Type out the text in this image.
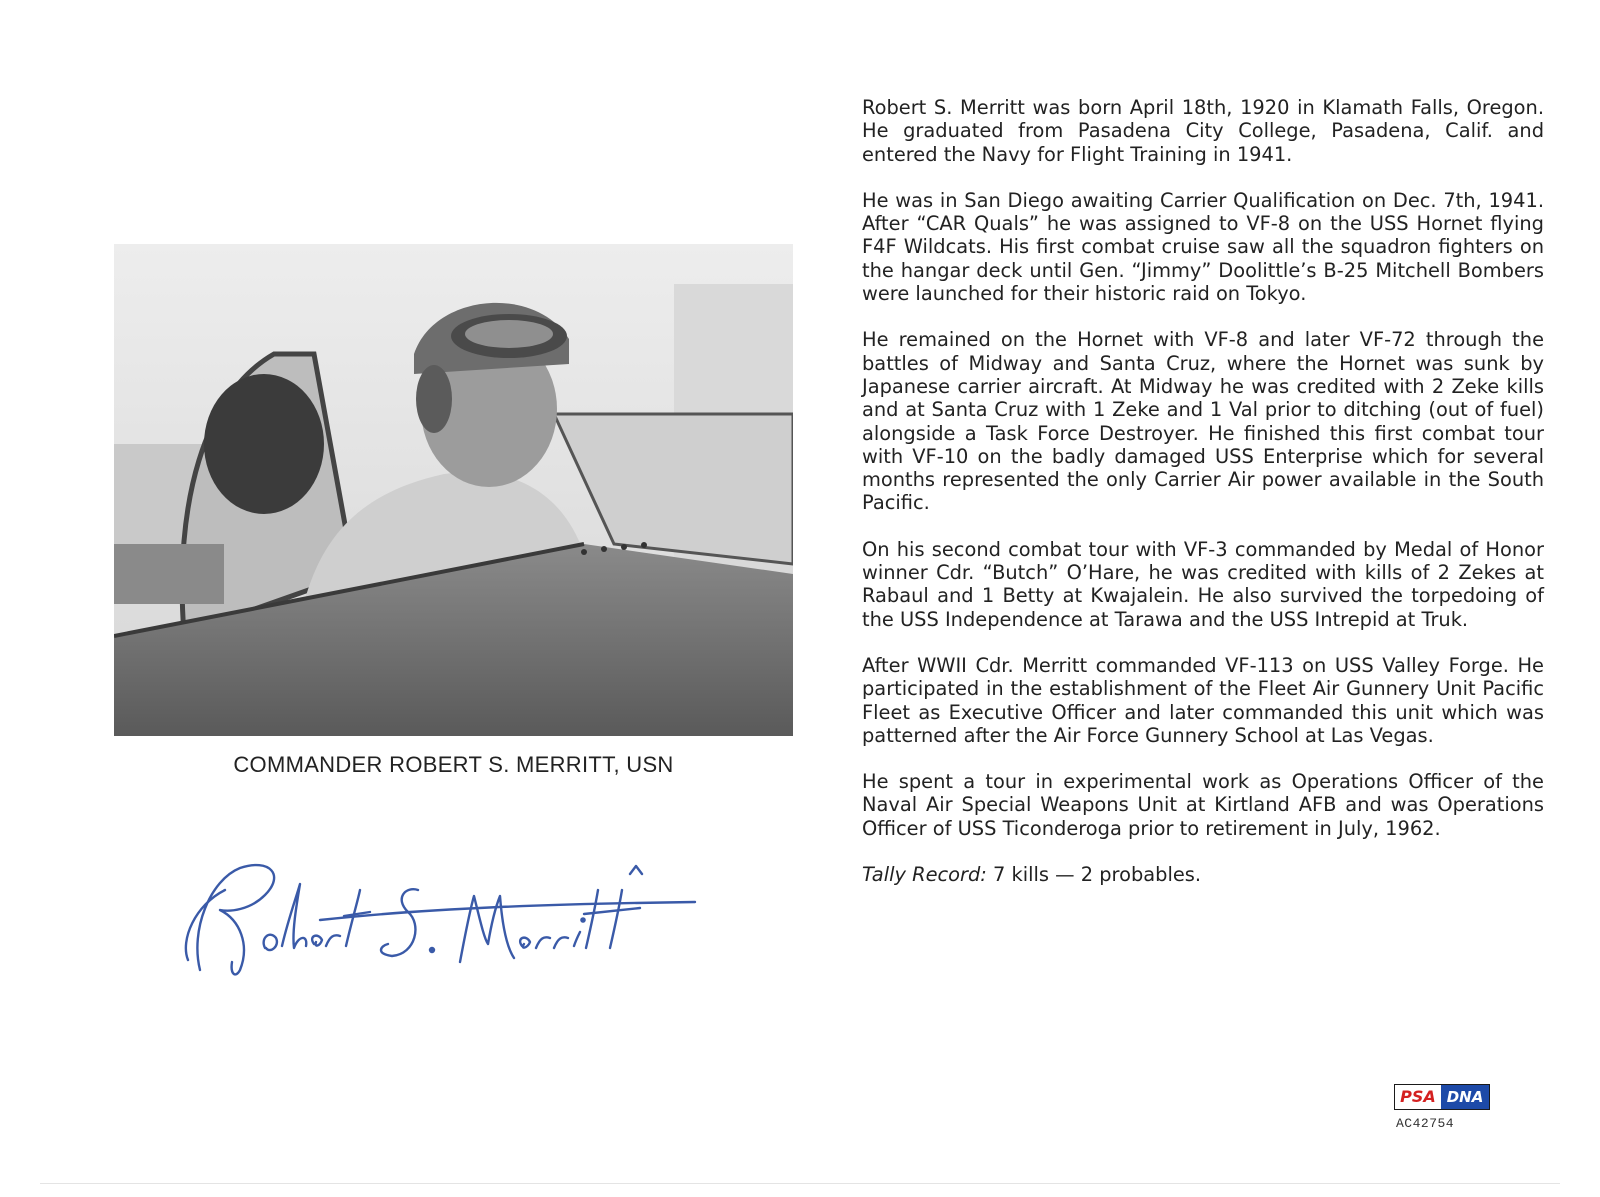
COMMANDER ROBERT S. MERRITT, USN

Robert S. Merritt was born April 18th, 1920 in Klamath Falls, Oregon. He graduated from Pasadena City College, Pasadena, Calif. and entered the Navy for Flight Training in 1941.

He was in San Diego awaiting Carrier Qualification on Dec. 7th, 1941. After “CAR Quals” he was assigned to VF-8 on the USS Hornet flying F4F Wildcats. His first combat cruise saw all the squadron fighters on the hangar deck until Gen. “Jimmy” Doolittle’s B-25 Mitchell Bombers were launched for their historic raid on Tokyo.

He remained on the Hornet with VF-8 and later VF-72 through the battles of Midway and Santa Cruz, where the Hornet was sunk by Japanese carrier aircraft. At Midway he was credited with 2 Zeke kills and at Santa Cruz with 1 Zeke and 1 Val prior to ditching (out of fuel) alongside a Task Force Destroyer. He finished this first combat tour with VF-10 on the badly damaged USS Enterprise which for several months represented the only Carrier Air power available in the South Pacific.

On his second combat tour with VF-3 commanded by Medal of Honor winner Cdr. “Butch” O’Hare, he was credited with kills of 2 Zekes at Rabaul and 1 Betty at Kwajalein. He also survived the torpedoing of the USS Independence at Tarawa and the USS Intrepid at Truk.

After WWII Cdr. Merritt commanded VF-113 on USS Valley Forge. He participated in the establishment of the Fleet Air Gunnery Unit Pacific Fleet as Executive Officer and later commanded this unit which was patterned after the Air Force Gunnery School at Las Vegas.

He spent a tour in experimental work as Operations Officer of the Naval Air Special Weapons Unit at Kirtland AFB and was Operations Officer of USS Ticonderoga prior to retirement in July, 1962.

Tally Record: 7 kills — 2 probables.

PSA DNA
AC42754
